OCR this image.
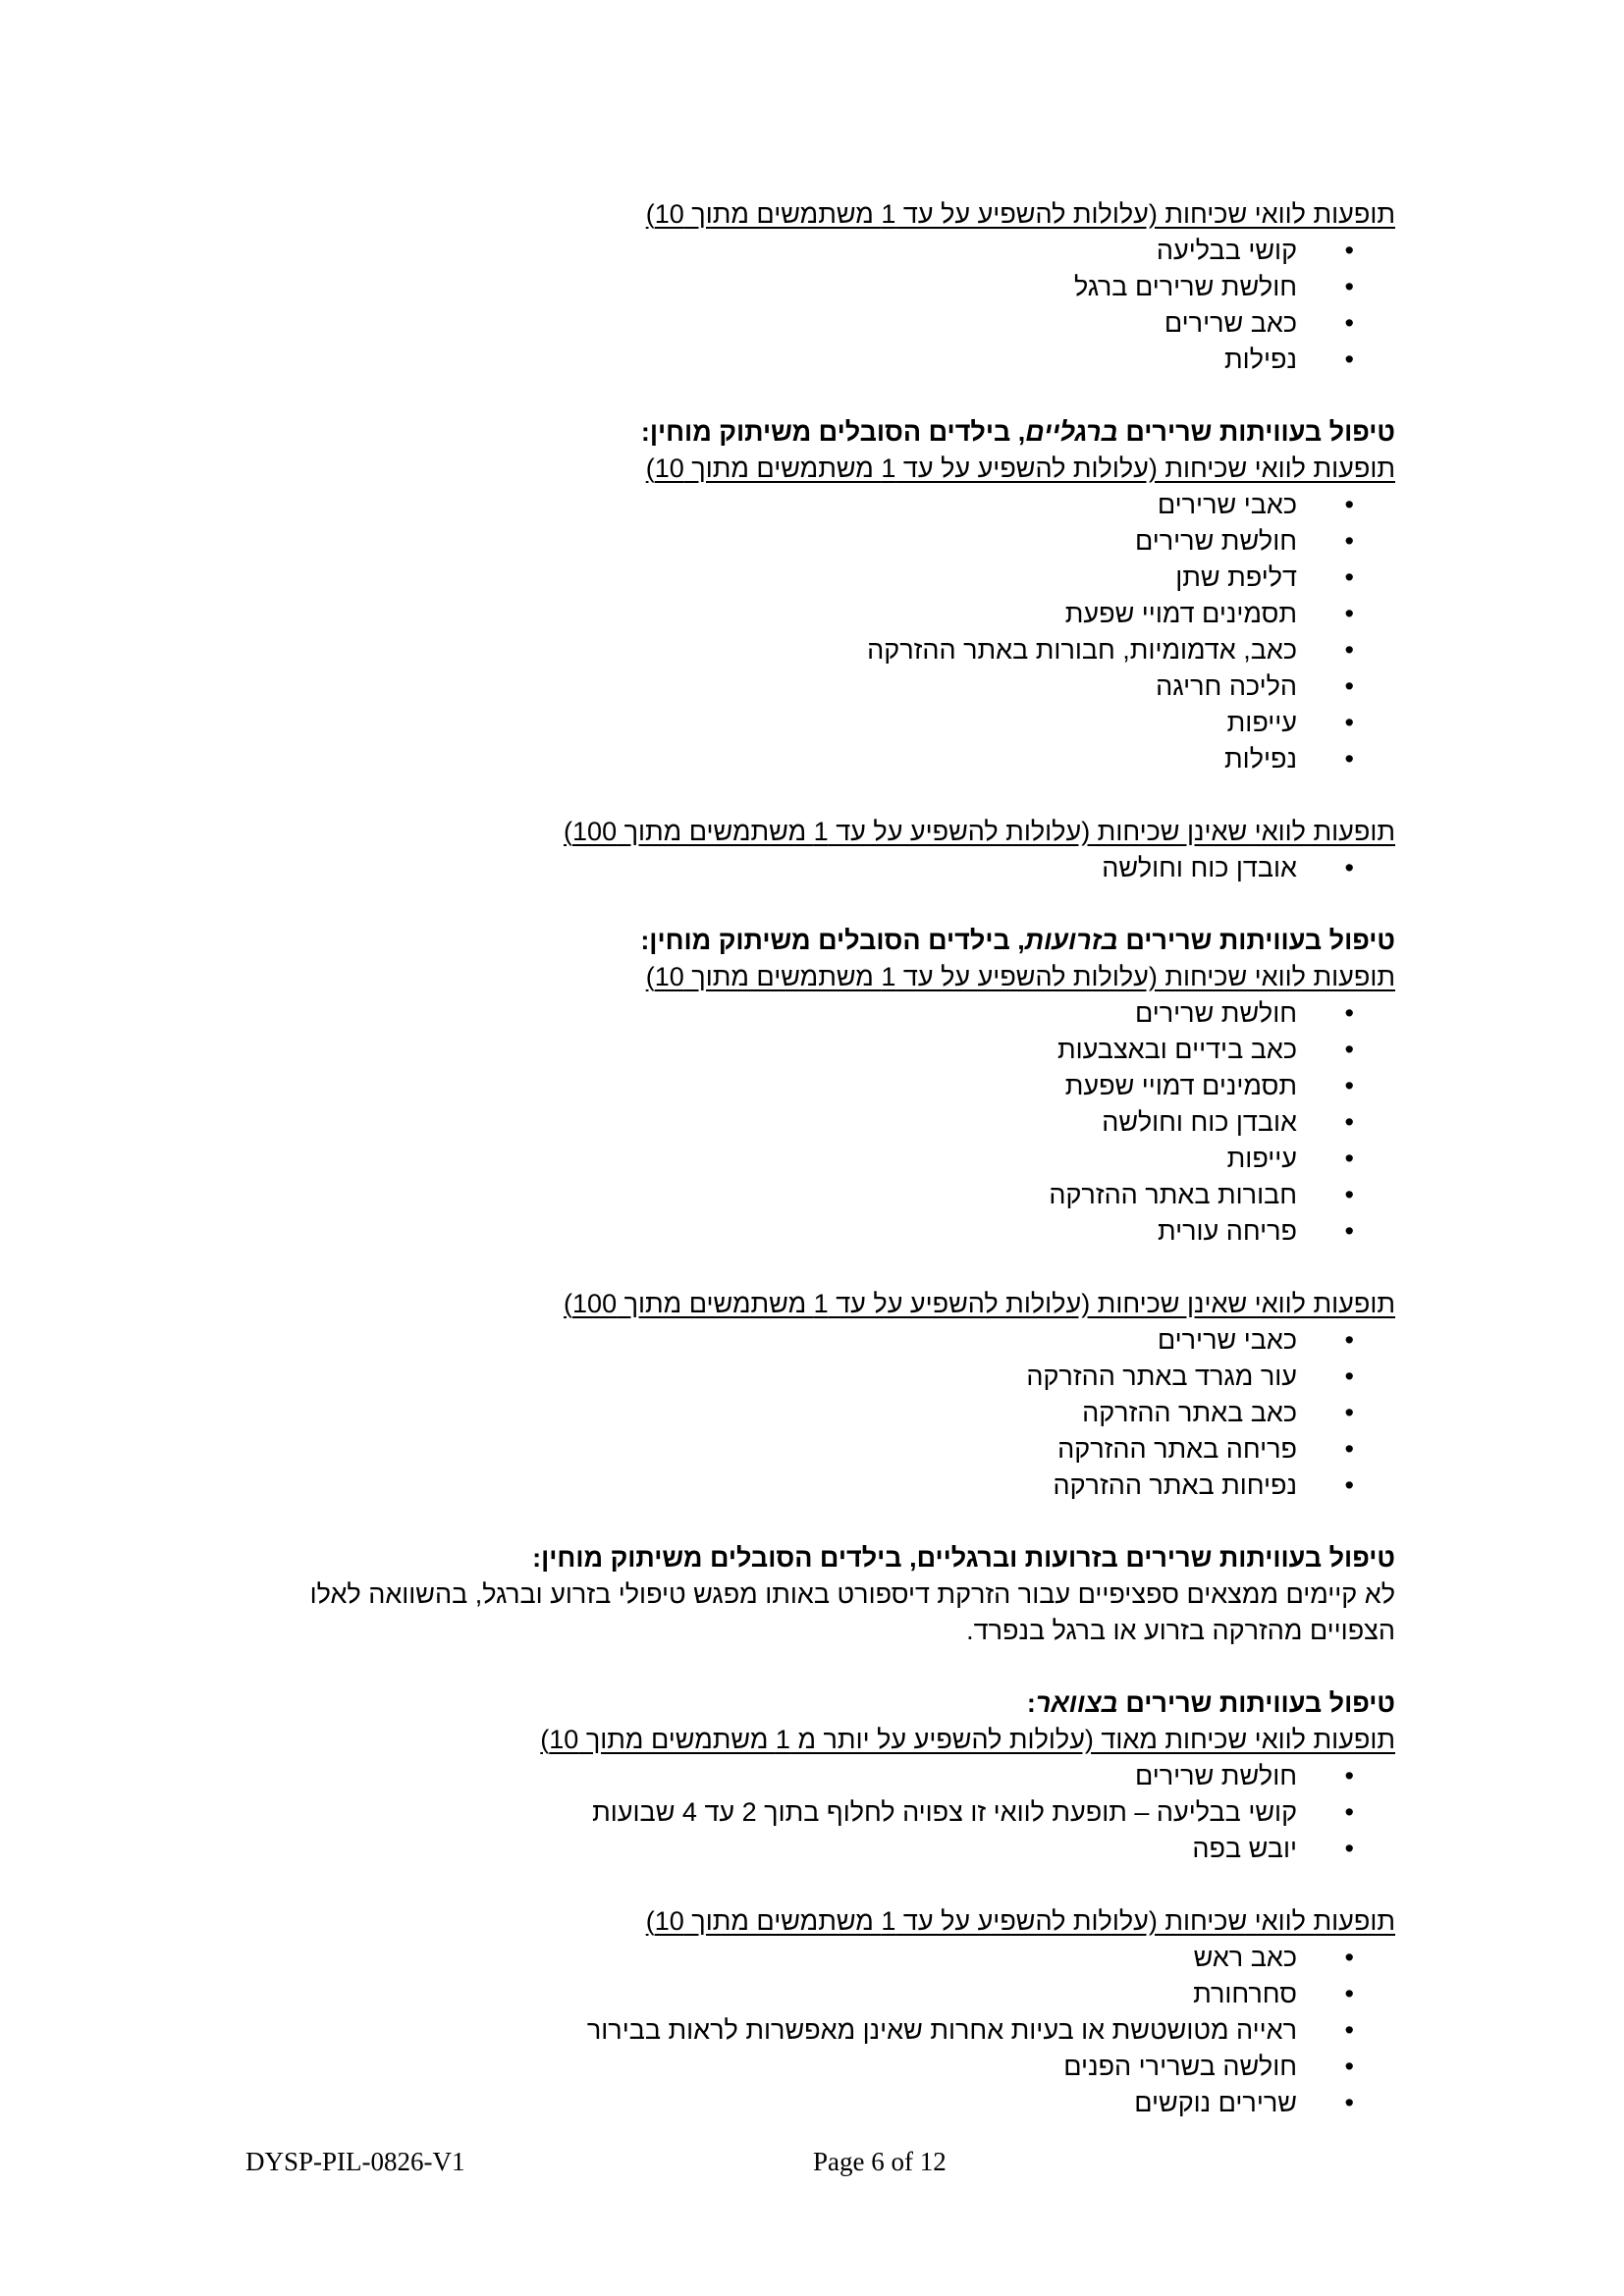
תופעות לוואי שכיחות (עלולות להשפיע על עד 1 משתמשים מתוך 10)
• קושי בבליעה
• חולשת שרירים ברגל
• כאב שרירים
• נפילות
טיפול בעוויתות שרירים ברגליים, בילדים הסובלים משיתוק מוחין:
תופעות לוואי שכיחות (עלולות להשפיע על עד 1 משתמשים מתוך 10)
• כאבי שרירים
• חולשת שרירים
• דליפת שתן
• תסמינים דמויי שפעת
• כאב, אדמומיות, חבורות באתר ההזרקה
• הליכה חריגה
• עייפות
• נפילות
תופעות לוואי שאינן שכיחות (עלולות להשפיע על עד 1 משתמשים מתוך 100)
• אובדן כוח וחולשה
טיפול בעוויתות שרירים בזרועות, בילדים הסובלים משיתוק מוחין:
תופעות לוואי שכיחות (עלולות להשפיע על עד 1 משתמשים מתוך 10)
• חולשת שרירים
• כאב בידיים ובאצבעות
• תסמינים דמויי שפעת
• אובדן כוח וחולשה
• עייפות
• חבורות באתר ההזרקה
• פריחה עורית
תופעות לוואי שאינן שכיחות (עלולות להשפיע על עד 1 משתמשים מתוך 100)
• כאבי שרירים
• עור מגרד באתר ההזרקה
• כאב באתר ההזרקה
• פריחה באתר ההזרקה
• נפיחות באתר ההזרקה
טיפול בעוויתות שרירים בזרועות וברגליים, בילדים הסובלים משיתוק מוחין:

לא קיימים ממצאים ספציפיים עבור הזרקת דיספורט באותו מפגש טיפולי בזרוע וברגל, בהשוואה לאלו הצפויים מהזרקה בזרוע או ברגל בנפרד.

טיפול בעוויתות שרירים בצוואר:
תופעות לוואי שכיחות מאוד (עלולות להשפיע על יותר מ 1 משתמשים מתוך 10)
• חולשת שרירים
• קושי בבליעה – תופעת לוואי זו צפויה לחלוף בתוך 2 עד 4 שבועות
• יובש בפה
תופעות לוואי שכיחות (עלולות להשפיע על עד 1 משתמשים מתוך 10)
• כאב ראש
• סחרחורת
• ראייה מטושטשת או בעיות אחרות שאינן מאפשרות לראות בבירור
• חולשה בשרירי הפנים
• שרירים נוקשים
DYSP-PIL-0826-V1	Page 6 of 12
